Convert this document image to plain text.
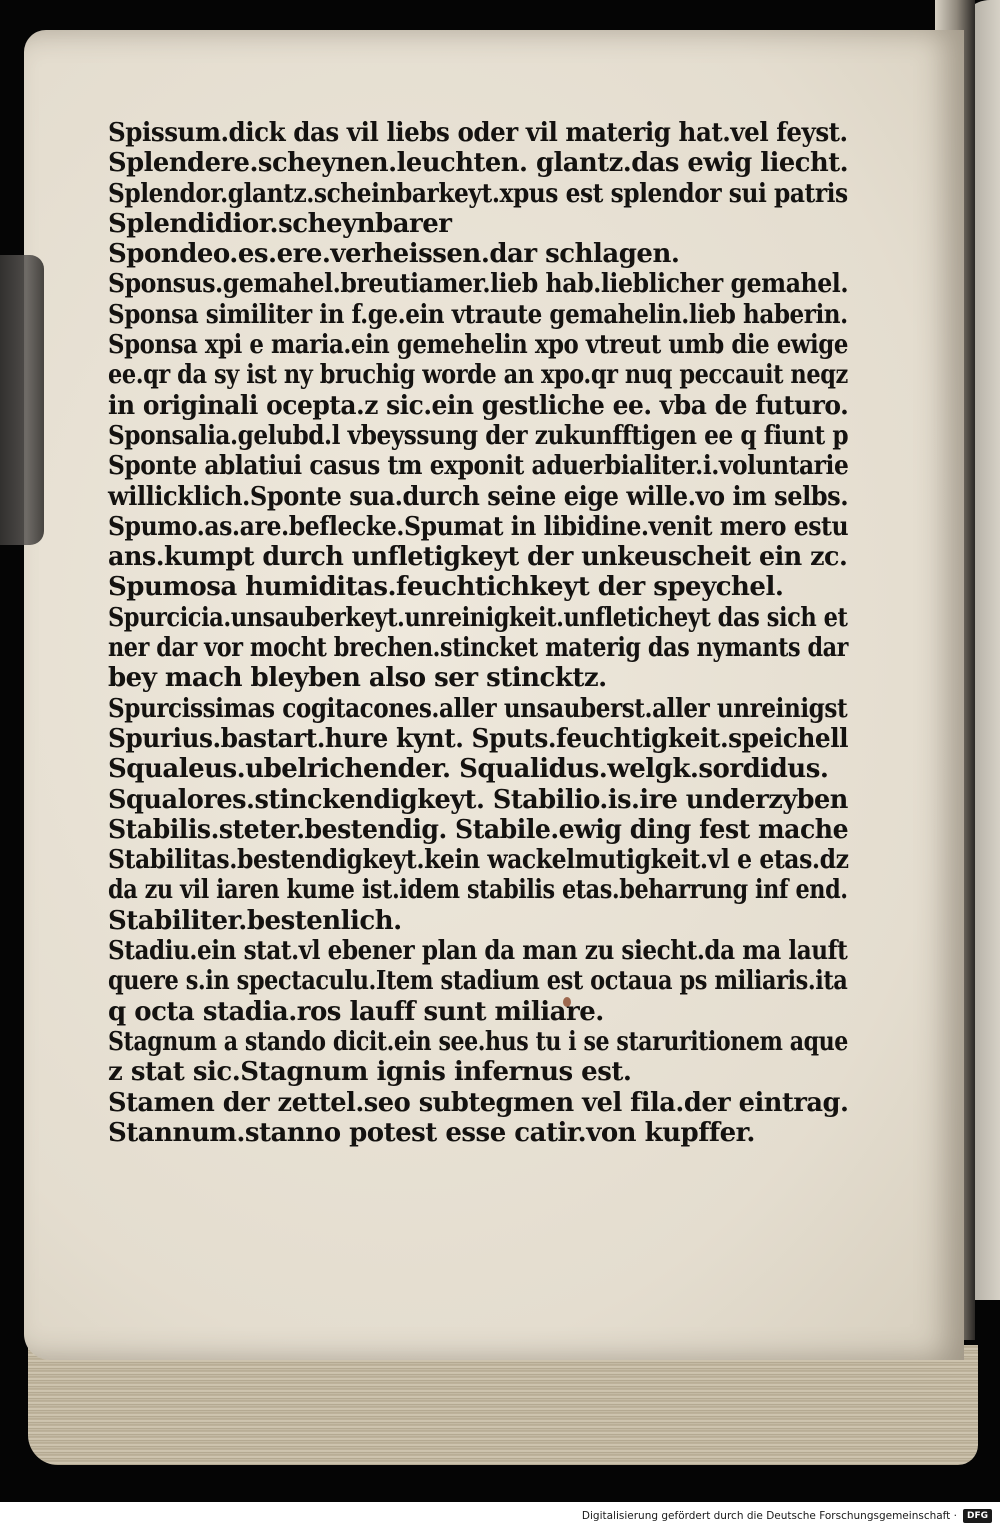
Spissum.dick das vil liebs oder vil materig hat.vel feyst.
Splendere.scheynen.leuchten. glantz.das ewig liecht.
Splendor.glantz.scheinbarkeyt.xpus est splendor sui patris
Splendidior.scheynbarer
Spondeo.es.ere.verheissen.dar schlagen.
Sponsus.gemahel.breutiamer.lieb hab.lieblicher gemahel.
Sponsa similiter in f.ge.ein vtraute gemahelin.lieb haberin.
Sponsa xpi e maria.ein gemehelin xpo vtreut umb die ewige
ee.qr da sy ist ny bruchig worde an xpo.qr nuq peccauit neqz
in originali ocepta.z sic.ein gestliche ee. vba de futuro.
Sponsalia.gelubd.l vbeyssung der zukunfftigen ee q fiunt p
Sponte ablatiui casus tm exponit aduerbialiter.i.voluntarie
willicklich.Sponte sua.durch seine eige wille.vo im selbs.
Spumo.as.are.beflecke.Spumat in libidine.venit mero estu
ans.kumpt durch unfletigkeyt der unkeuscheit ein zc.
Spumosa humiditas.feuchtichkeyt der speychel.
Spurcicia.unsauberkeyt.unreinigkeit.unfleticheyt das sich et
ner dar vor mocht brechen.stincket materig das nymants dar
bey mach bleyben also ser stincktz.
Spurcissimas cogitacones.aller unsauberst.aller unreinigst
Spurius.bastart.hure kynt. Sputs.feuchtigkeit.speichell
Squaleus.ubelrichender. Squalidus.welgk.sordidus.
Squalores.stinckendigkeyt. Stabilio.is.ire underzyben
Stabilis.steter.bestendig. Stabile.ewig ding fest mache
Stabilitas.bestendigkeyt.kein wackelmutigkeit.vl e etas.dz
da zu vil iaren kume ist.idem stabilis etas.beharrung inf end.
Stabiliter.bestenlich.
Stadiu.ein stat.vl ebener plan da man zu siecht.da ma lauft
quere s.in spectaculu.Item stadium est octaua ps miliaris.ita
q octa stadia.ros lauff sunt miliare.
Stagnum a stando dicit.ein see.hus tu i se staruritionem aque
z stat sic.Stagnum ignis infernus est.
Stamen der zettel.seo subtegmen vel fila.der eintrag.
Stannum.stanno potest esse catir.von kupffer.
Digitalisierung gefördert durch die Deutsche Forschungsgemeinschaft ·	DFG
